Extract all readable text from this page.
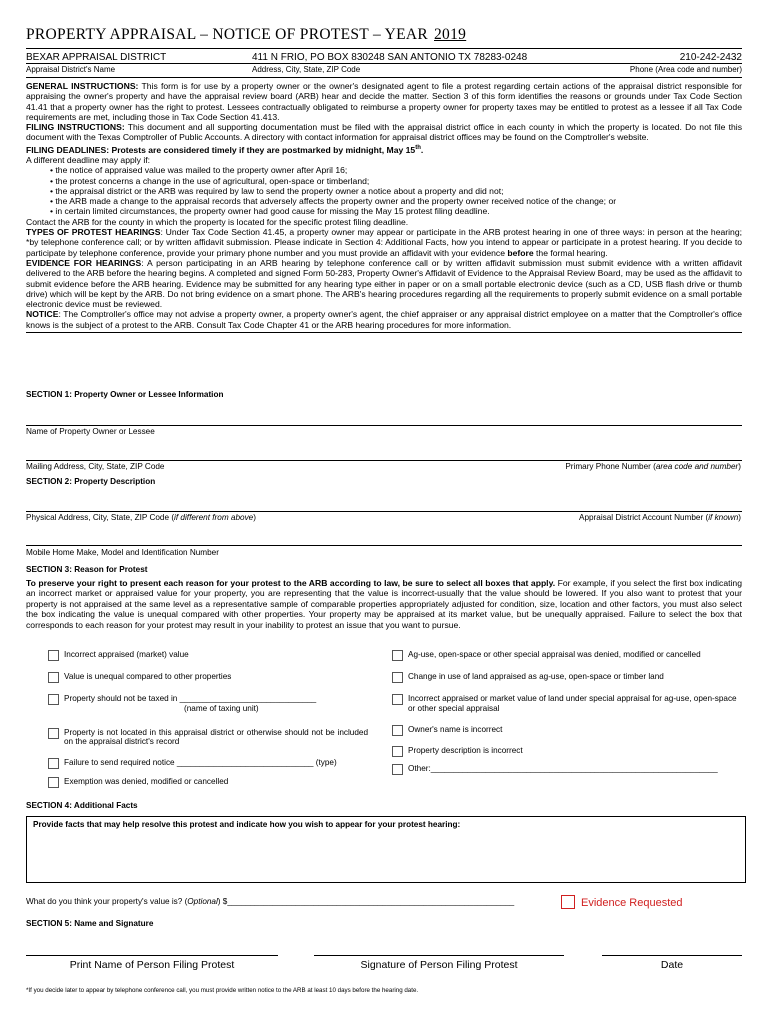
PROPERTY APPRAISAL – NOTICE OF PROTEST – YEAR 2019
BEXAR APPRAISAL DISTRICT	411 N FRIO, PO BOX 830248 SAN ANTONIO TX 78283-0248	210-242-2432
Appraisal District's Name	Address, City, State, ZIP Code	Phone (Area code and number)

GENERAL INSTRUCTIONS: This form is for use by a property owner or the owner's designated agent to file a protest regarding certain actions of the appraisal district responsible for appraising the owner's property and have the appraisal review board (ARB) hear and decide the matter. Section 3 of this form identifies the reasons or grounds under Tax Code Section 41.41 that a property owner has the right to protest. Lessees contractually obligated to reimburse a property owner for property taxes may be entitled to protest as a lessee if all Tax Code requirements are met, including those in Tax Code Section 41.413.

FILING INSTRUCTIONS: This document and all supporting documentation must be filed with the appraisal district office in each county in which the property is located. Do not file this document with the Texas Comptroller of Public Accounts. A directory with contact information for appraisal district offices may be found on the Comptroller's website.

FILING DEADLINES: Protests are considered timely if they are postmarked by midnight, May 15th.

A different deadline may apply if:

• the notice of appraised value was mailed to the property owner after April 16;
• the protest concerns a change in the use of agricultural, open-space or timberland;
• the appraisal district or the ARB was required by law to send the property owner a notice about a property and did not;
• the ARB made a change to the appraisal records that adversely affects the property owner and the property owner received notice of the change; or
• in certain limited circumstances, the property owner had good cause for missing the May 15 protest filing deadline.

Contact the ARB for the county in which the property is located for the specific protest filing deadline.

TYPES OF PROTEST HEARINGS: Under Tax Code Section 41.45, a property owner may appear or participate in the ARB protest hearing in one of three ways: in person at the hearing; *by telephone conference call; or by written affidavit submission. Please indicate in Section 4: Additional Facts, how you intend to appear or participate in a protest hearing. If you decide to participate by telephone conference, provide your primary phone number and you must provide an affidavit with your evidence before the formal hearing.

EVIDENCE FOR HEARINGS: A person participating in an ARB hearing by telephone conference call or by written affidavit submission must submit evidence with a written affidavit delivered to the ARB before the hearing begins. A completed and signed Form 50-283, Property Owner's Affidavit of Evidence to the Appraisal Review Board, may be used as the affidavit to submit evidence before the ARB hearing. Evidence may be submitted for any hearing type either in paper or on a small portable electronic device (such as a CD, USB flash drive or thumb drive) which will be kept by the ARB. Do not bring evidence on a smart phone. The ARB's hearing procedures regarding all the requirements to properly submit evidence on a small portable electronic device must be reviewed.

NOTICE: The Comptroller's office may not advise a property owner, a property owner's agent, the chief appraiser or any appraisal district employee on a matter that the Comptroller's office knows is the subject of a protest to the ARB. Consult Tax Code Chapter 41 or the ARB hearing procedures for more information.

SECTION 1: Property Owner or Lessee Information
Name of Property Owner or Lessee
Mailing Address, City, State, ZIP Code	Primary Phone Number (area code and number)
SECTION 2: Property Description
Physical Address, City, State, ZIP Code (if different from above)	Appraisal District Account Number (if known)
Mobile Home Make, Model and Identification Number
SECTION 3: Reason for Protest
To preserve your right to present each reason for your protest to the ARB according to law, be sure to select all boxes that apply. For example, if you select the first box indicating an incorrect market or appraised value for your property, you are representing that the value is incorrect-usually that the value should be lowered. If you also want to protest that your property is not appraised at the same level as a representative sample of comparable properties appropriately adjusted for condition, size, location and other factors, you must also select the box indicating the value is unequal compared with other properties. Your property may be appraised at its market value, but be unequally appraised. Failure to select the box that corresponds to each reason for your protest may result in your inability to protest an issue that you want to pursue.
Incorrect appraised (market) value
Value is unequal compared to other properties
Property should not be taxed in ______________________________
(name of taxing unit)
Property is not located in this appraisal district or otherwise should not be included on the appraisal district's record
Failure to send required notice ______________________________ (type)
Exemption was denied, modified or cancelled
Ag-use, open-space or other special appraisal was denied, modified or cancelled
Change in use of land appraised as ag-use, open-space or timber land
Incorrect appraised or market value of land under special appraisal for ag-use, open-space or other special appraisal
Owner's name is incorrect
Property description is incorrect
Other:_______________________________________________________________
SECTION 4: Additional Facts
Provide facts that may help resolve this protest and indicate how you wish to appear for your protest hearing:
What do you think your property's value is? (Optional) $_______________________________________________________________	Evidence Requested
SECTION 5: Name and Signature
Print Name of Person Filing Protest	Signature of Person Filing Protest	Date
*If you decide later to appear by telephone conference call, you must provide written notice to the ARB at least 10 days before the hearing date.
